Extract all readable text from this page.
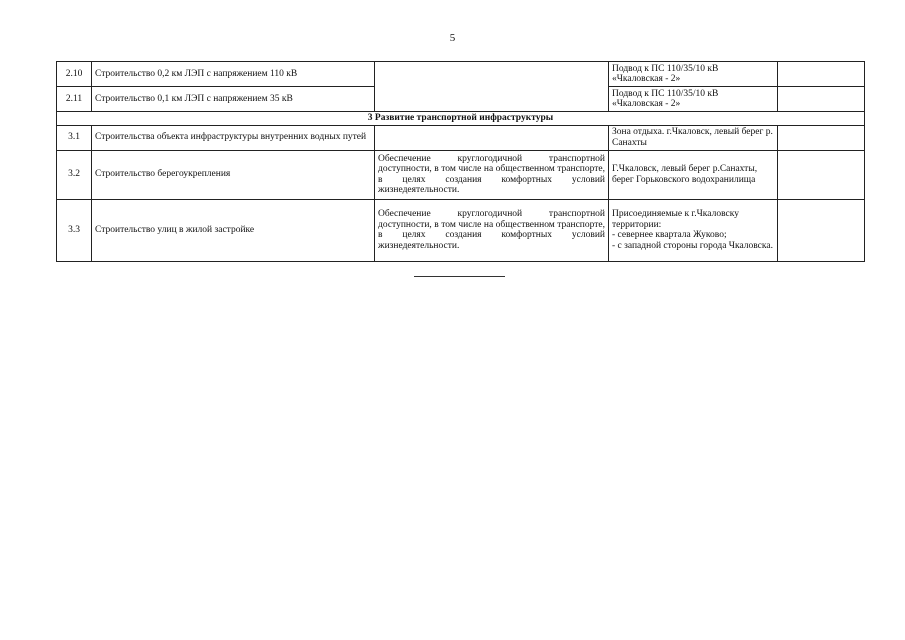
5
2.10	Строительство 0,2 км ЛЭП с напряжением 110 кВ		Подвод к ПС 110/35/10 кВ
«Чкаловская - 2»	

2.11	Строительство 0,1 км ЛЭП с напряжением 35 кВ		Подвод к ПС 110/35/10 кВ
«Чкаловская - 2»	

3 Развитие транспортной инфраструктуры				
3.1	Строительства объекта инфраструктуры внутренних водных путей		Зона отдыха. г.Чкаловск, левый берег р. Санахты	
3.2	Строительство берегоукрепления	Обеспечение круглогодичной транспортной доступности, в том числе на общественном транспорте, в целях создания комфортных условий жизнедеятельности.	Г.Чкаловск, левый берег р.Санахты, берег Горьковского водохранилища	
3.3	Строительство улиц в жилой застройке	Обеспечение круглогодичной транспортной доступности, в том числе на общественном транспорте, в целях создания комфортных условий жизнедеятельности.	Присоединяемые к г.Чкаловску территории:
- севернее квартала Жуково;
- с западной стороны города Чкаловска.	
